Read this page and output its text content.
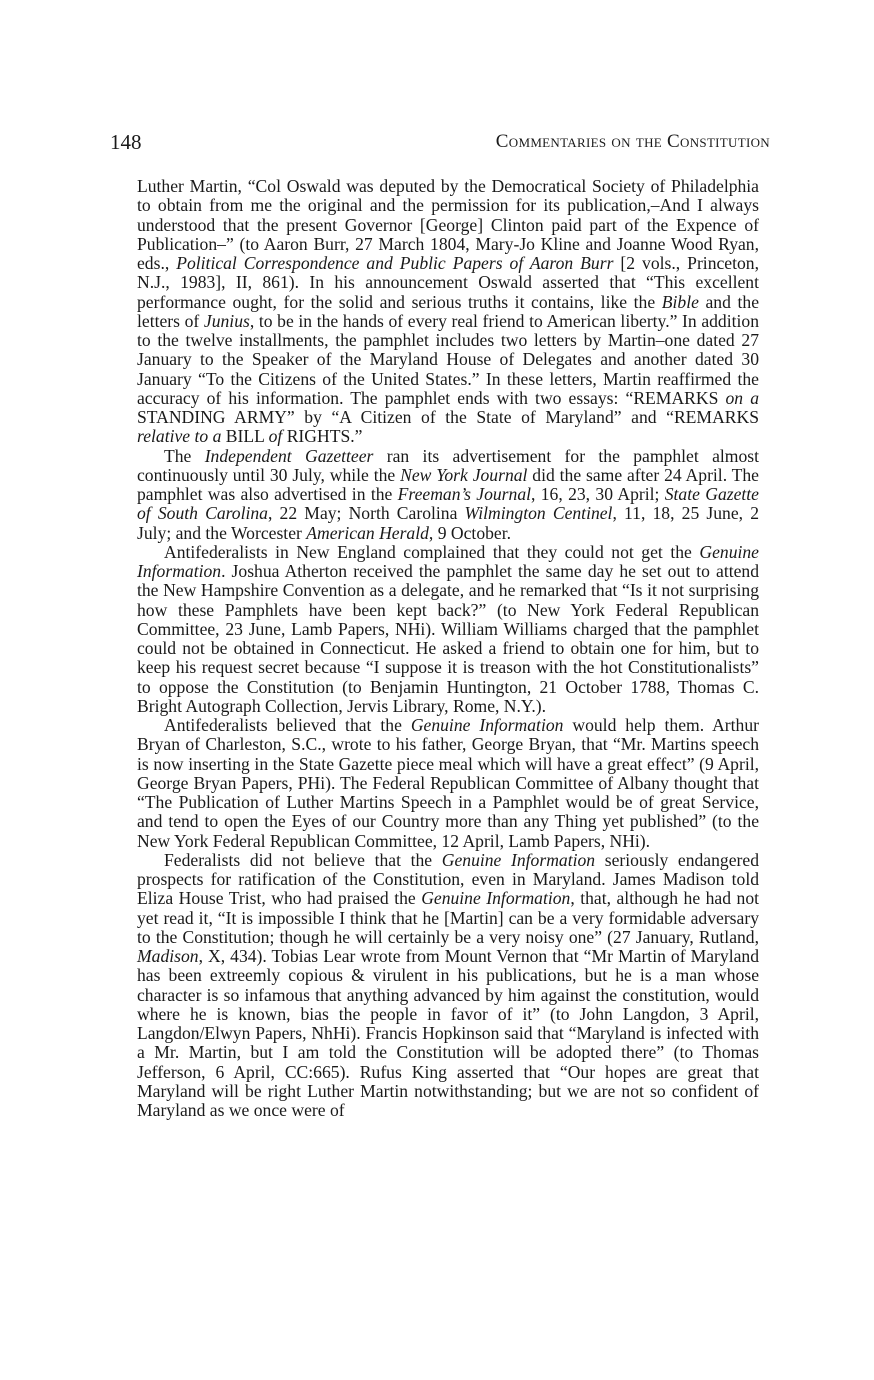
148	Commentaries on the Constitution

Luther Martin, “Col Oswald was deputed by the Democratical Society of Philadelphia to obtain from me the original and the permission for its publication,–And I always understood that the present Governor [George] Clinton paid part of the Expence of Publication–” (to Aaron Burr, 27 March 1804, Mary-Jo Kline and Joanne Wood Ryan, eds., Political Correspondence and Public Papers of Aaron Burr [2 vols., Princeton, N.J., 1983], II, 861). In his announcement Oswald asserted that “This excellent performance ought, for the solid and serious truths it contains, like the Bible and the letters of Junius, to be in the hands of every real friend to American liberty.” In addition to the twelve installments, the pamphlet includes two letters by Martin–one dated 27 January to the Speaker of the Maryland House of Delegates and another dated 30 January “To the Citizens of the United States.” In these letters, Martin reaffirmed the accuracy of his information. The pamphlet ends with two essays: “REMARKS on a STANDING ARMY” by “A Citizen of the State of Maryland” and “REMARKS relative to a BILL of RIGHTS.”

The Independent Gazetteer ran its advertisement for the pamphlet almost continuously until 30 July, while the New York Journal did the same after 24 April. The pamphlet was also advertised in the Freeman’s Journal, 16, 23, 30 April; State Gazette of South Carolina, 22 May; North Carolina Wilmington Centinel, 11, 18, 25 June, 2 July; and the Worcester American Herald, 9 October.

Antifederalists in New England complained that they could not get the Genuine Information. Joshua Atherton received the pamphlet the same day he set out to attend the New Hampshire Convention as a delegate, and he remarked that “Is it not surprising how these Pamphlets have been kept back?” (to New York Federal Republican Committee, 23 June, Lamb Papers, NHi). William Williams charged that the pamphlet could not be obtained in Connecticut. He asked a friend to obtain one for him, but to keep his request secret because “I suppose it is treason with the hot Constitutionalists” to oppose the Constitution (to Benjamin Huntington, 21 October 1788, Thomas C. Bright Autograph Collection, Jervis Library, Rome, N.Y.).

Antifederalists believed that the Genuine Information would help them. Arthur Bryan of Charleston, S.C., wrote to his father, George Bryan, that “Mr. Martins speech is now inserting in the State Gazette piece meal which will have a great effect” (9 April, George Bryan Papers, PHi). The Federal Republican Committee of Albany thought that “The Publication of Luther Martins Speech in a Pamphlet would be of great Service, and tend to open the Eyes of our Country more than any Thing yet published” (to the New York Federal Republican Committee, 12 April, Lamb Papers, NHi).

Federalists did not believe that the Genuine Information seriously endangered prospects for ratification of the Constitution, even in Maryland. James Madison told Eliza House Trist, who had praised the Genuine Information, that, although he had not yet read it, “It is impossible I think that he [Martin] can be a very formidable adversary to the Constitution; though he will certainly be a very noisy one” (27 January, Rutland, Madison, X, 434). Tobias Lear wrote from Mount Vernon that “Mr Martin of Maryland has been extreemly copious & virulent in his publications, but he is a man whose character is so infamous that anything advanced by him against the constitution, would where he is known, bias the people in favor of it” (to John Langdon, 3 April, Langdon/Elwyn Papers, NhHi). Francis Hopkinson said that “Maryland is infected with a Mr. Martin, but I am told the Constitution will be adopted there” (to Thomas Jefferson, 6 April, CC:665). Rufus King asserted that “Our hopes are great that Maryland will be right Luther Martin notwithstanding; but we are not so confident of Maryland as we once were of
